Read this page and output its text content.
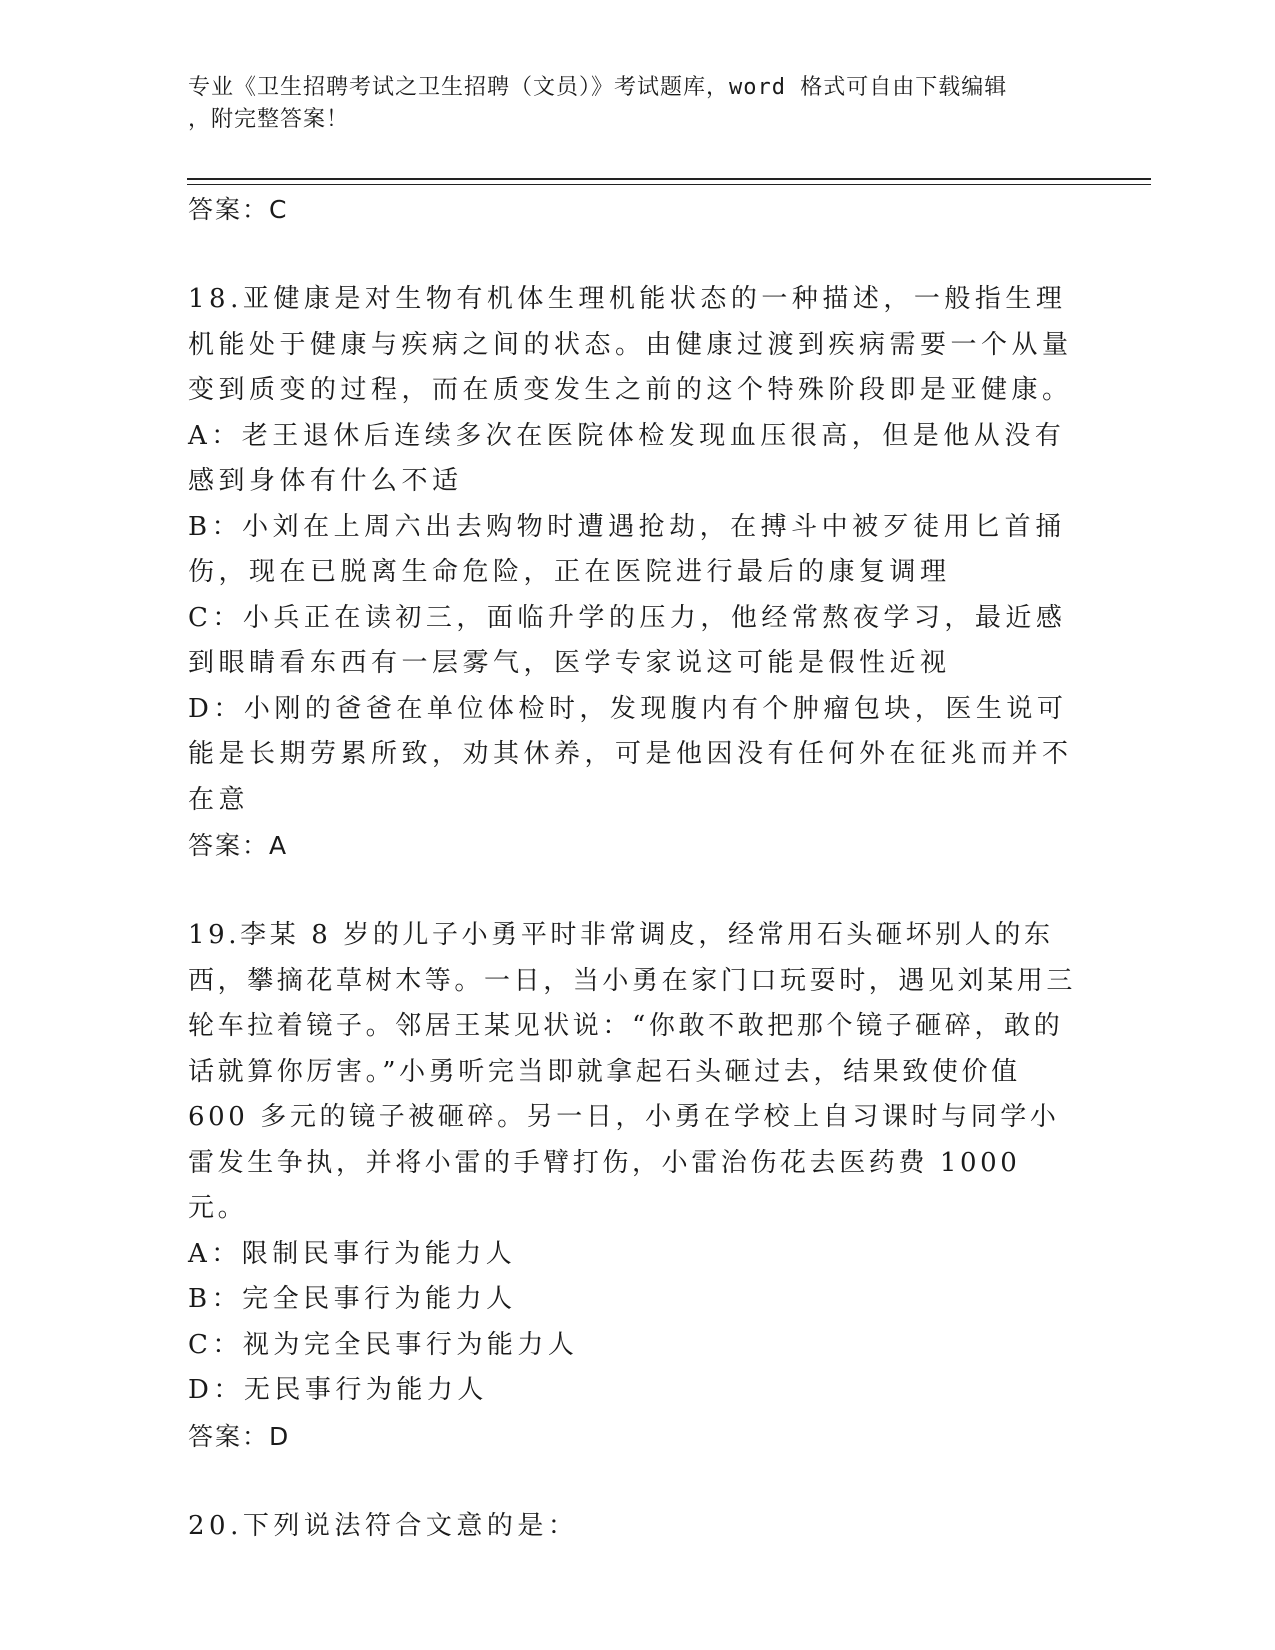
专业《卫生招聘考试之卫生招聘（文员）》考试题库，word 格式可自由下载编辑
，附完整答案！
答案：C
18.亚健康是对生物有机体生理机能状态的一种描述，一般指生理机能处于健康与疾病之间的状态。由健康过渡到疾病需要一个从量变到质变的过程，而在质变发生之前的这个特殊阶段即是亚健康。
A：老王退休后连续多次在医院体检发现血压很高，但是他从没有感到身体有什么不适
B：小刘在上周六出去购物时遭遇抢劫，在搏斗中被歹徒用匕首捅伤，现在已脱离生命危险，正在医院进行最后的康复调理
C：小兵正在读初三，面临升学的压力，他经常熬夜学习，最近感到眼睛看东西有一层雾气，医学专家说这可能是假性近视
D：小刚的爸爸在单位体检时，发现腹内有个肿瘤包块，医生说可能是长期劳累所致，劝其休养，可是他因没有任何外在征兆而并不在意
答案：A
19.李某 8 岁的儿子小勇平时非常调皮，经常用石头砸坏别人的东西，攀摘花草树木等。一日，当小勇在家门口玩耍时，遇见刘某用三轮车拉着镜子。邻居王某见状说：“你敢不敢把那个镜子砸碎，敢的话就算你厉害。”小勇听完当即就拿起石头砸过去，结果致使价值 600 多元的镜子被砸碎。另一日，小勇在学校上自习课时与同学小雷发生争执，并将小雷的手臂打伤，小雷治伤花去医药费 1000 元。
A：限制民事行为能力人
B：完全民事行为能力人
C：视为完全民事行为能力人
D：无民事行为能力人
答案：D
20.下列说法符合文意的是：
